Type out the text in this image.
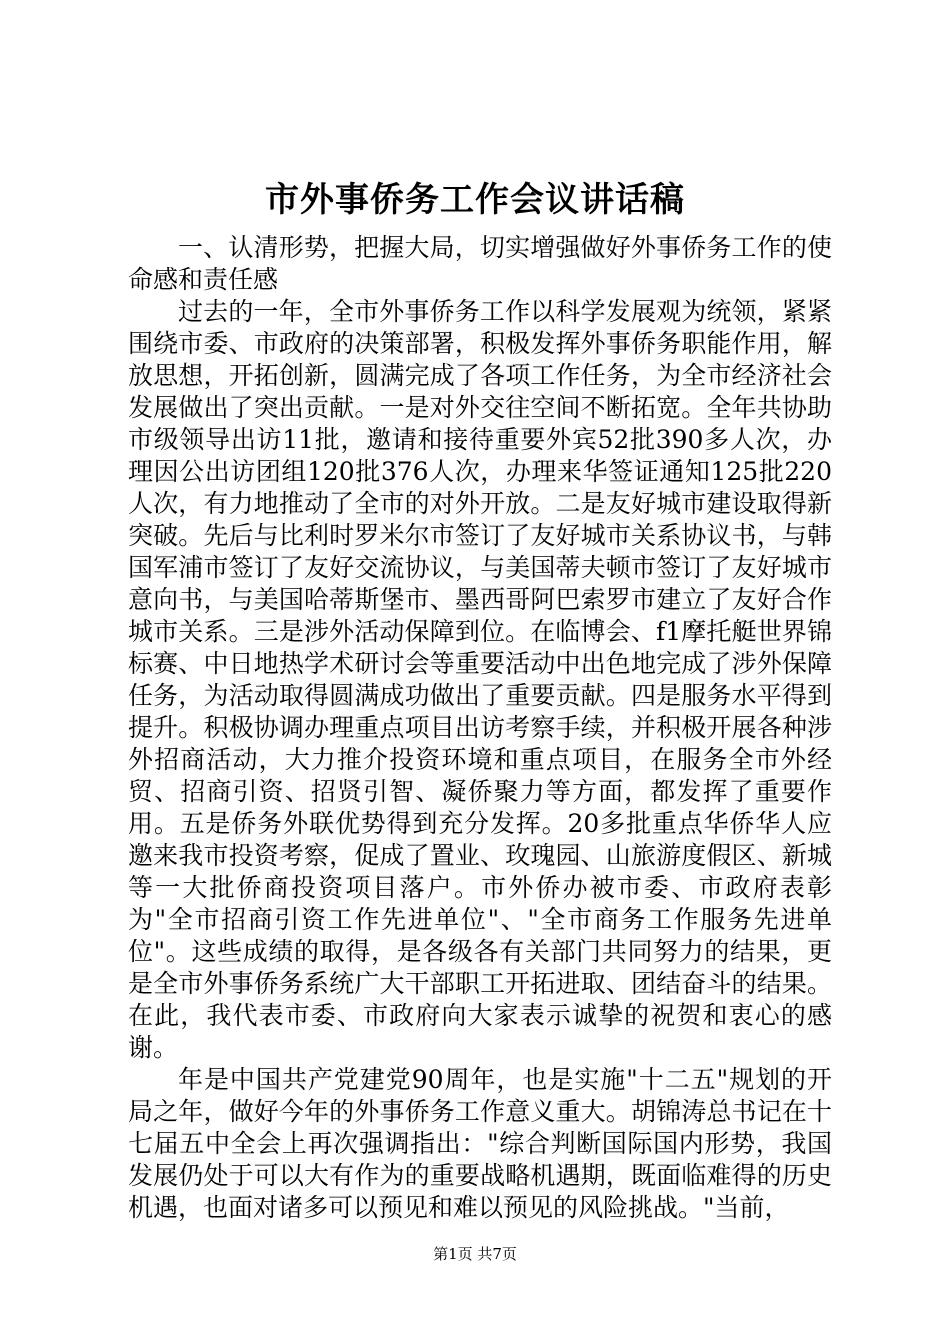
市外事侨务工作会议讲话稿

一、认清形势，把握大局，切实增强做好外事侨务工作的使命感和责任感

过去的一年，全市外事侨务工作以科学发展观为统领，紧紧围绕市委、市政府的决策部署，积极发挥外事侨务职能作用，解放思想，开拓创新，圆满完成了各项工作任务，为全市经济社会发展做出了突出贡献。一是对外交往空间不断拓宽。全年共协助市级领导出访11批，邀请和接待重要外宾52批390多人次，办理因公出访团组120批376人次，办理来华签证通知125批220人次，有力地推动了全市的对外开放。二是友好城市建设取得新突破。先后与比利时罗米尔市签订了友好城市关系协议书，与韩国军浦市签订了友好交流协议，与美国蒂夫顿市签订了友好城市意向书，与美国哈蒂斯堡市、墨西哥阿巴索罗市建立了友好合作城市关系。三是涉外活动保障到位。在临博会、f1摩托艇世界锦标赛、中日地热学术研讨会等重要活动中出色地完成了涉外保障任务，为活动取得圆满成功做出了重要贡献。四是服务水平得到提升。积极协调办理重点项目出访考察手续，并积极开展各种涉外招商活动，大力推介投资环境和重点项目，在服务全市外经贸、招商引资、招贤引智、凝侨聚力等方面，都发挥了重要作用。五是侨务外联优势得到充分发挥。20多批重点华侨华人应邀来我市投资考察，促成了置业、玫瑰园、山旅游度假区、新城等一大批侨商投资项目落户。市外侨办被市委、市政府表彰为"全市招商引资工作先进单位"、"全市商务工作服务先进单位"。这些成绩的取得，是各级各有关部门共同努力的结果，更是全市外事侨务系统广大干部职工开拓进取、团结奋斗的结果。在此，我代表市委、市政府向大家表示诚挚的祝贺和衷心的感谢。

年是中国共产党建党90周年，也是实施"十二五"规划的开局之年，做好今年的外事侨务工作意义重大。胡锦涛总书记在十七届五中全会上再次强调指出："综合判断国际国内形势，我国发展仍处于可以大有作为的重要战略机遇期，既面临难得的历史机遇，也面对诸多可以预见和难以预见的风险挑战。"当前，

第1页 共7页
